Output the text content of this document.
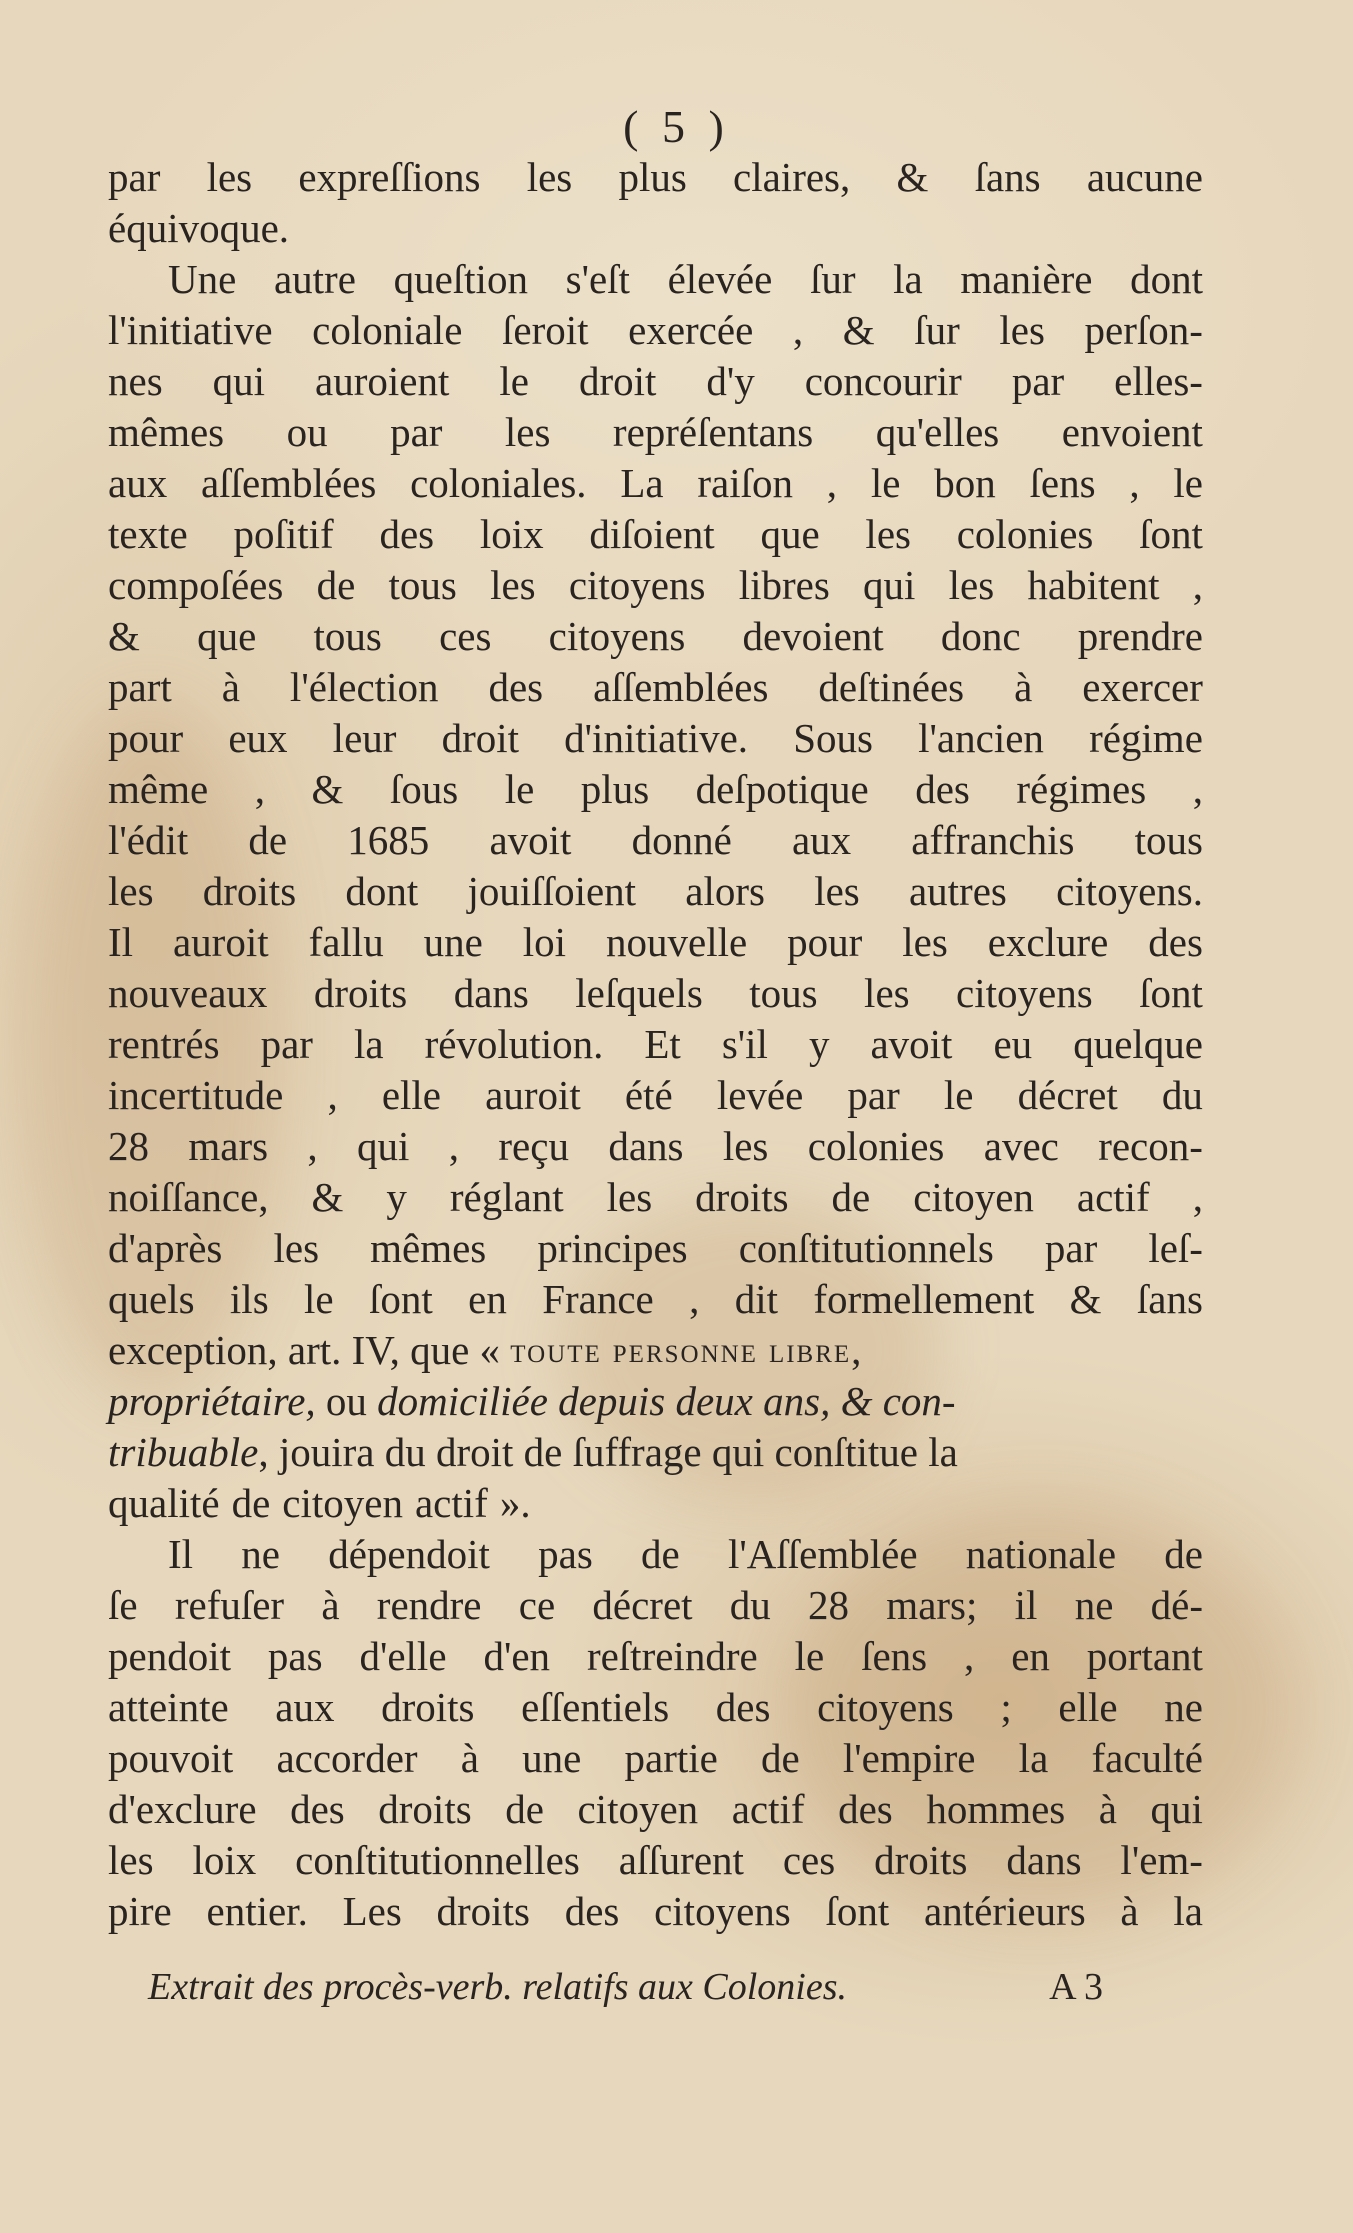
( 5 )
par les expreſſions les plus claires, & ſans aucune
équivoque.
Une autre queſtion s'eſt élevée ſur la manière dont
l'initiative coloniale ſeroit exercée , & ſur les perſon-
nes qui auroient le droit d'y concourir par elles-
mêmes ou par les repréſentans qu'elles envoient
aux aſſemblées coloniales. La raiſon , le bon ſens , le
texte poſitif des loix diſoient que les colonies ſont
compoſées de tous les citoyens libres qui les habitent ,
& que tous ces citoyens devoient donc prendre
part à l'élection des aſſemblées deſtinées à exercer
pour eux leur droit d'initiative. Sous l'ancien régime
même , & ſous le plus deſpotique des régimes ,
l'édit de 1685 avoit donné aux affranchis tous
les droits dont jouiſſoient alors les autres citoyens.
Il auroit fallu une loi nouvelle pour les exclure des
nouveaux droits dans leſquels tous les citoyens ſont
rentrés par la révolution. Et s'il y avoit eu quelque
incertitude , elle auroit été levée par le décret du
28 mars , qui , reçu dans les colonies avec recon-
noiſſance, & y réglant les droits de citoyen actif ,
d'après les mêmes principes conſtitutionnels par leſ-
quels ils le ſont en France , dit formellement & ſans
exception, art. IV, que « toute personne libre ,
propriétaire, ou domiciliée depuis deux ans, & con-
tribuable , jouira du droit de ſuffrage qui conſtitue la
qualité de citoyen actif ».
Il ne dépendoit pas de l'Aſſemblée nationale de
ſe refuſer à rendre ce décret du 28 mars; il ne dé-
pendoit pas d'elle d'en reſtreindre le ſens , en portant
atteinte aux droits eſſentiels des citoyens ; elle ne
pouvoit accorder à une partie de l'empire la faculté
d'exclure des droits de citoyen actif des hommes à qui
les loix conſtitutionnelles aſſurent ces droits dans l'em-
pire entier. Les droits des citoyens ſont antérieurs à la
Extrait des procès-verb. relatifs aux Colonies.	A 3
